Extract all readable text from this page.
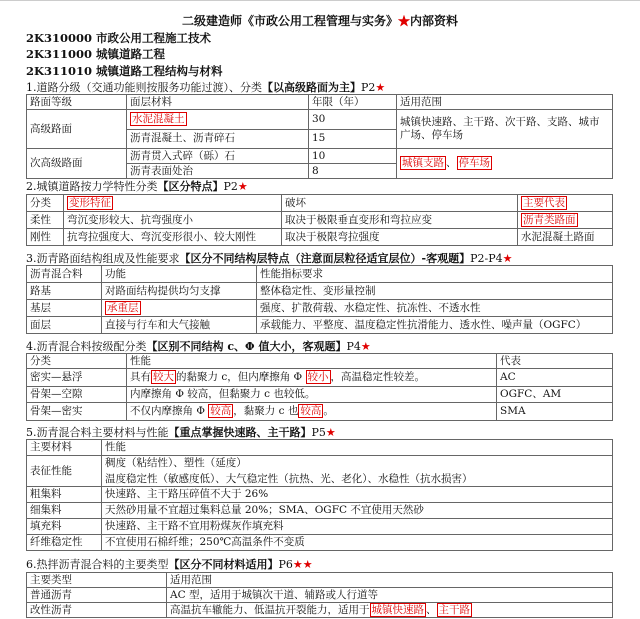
二级建造师《市政公用工程管理与实务》★内部资料
2K310000 市政公用工程施工技术
2K311000 城镇道路工程
2K311010 城镇道路工程结构与材料
1.道路分级（交通功能则按服务功能过渡）、分类【以高级路面为主】P2★
路面等级	面层材料	年限（年）	适用范围
高级路面	水泥混凝土	30	城镇快速路、主干路、次干路、支路、城市广场、停车场
	沥青混凝土、沥青碎石	15	
次高级路面	沥青贯入式碎（砾）石	10	城镇支路 、 停车场
	沥青表面处治	8	
2.城镇道路按力学特性分类【区分特点】P2★
分类	变形特征	破坏	主要代表
柔性	弯沉变形较大、抗弯强度小	取决于极限垂直变形和弯拉应变	沥青类路面
刚性	抗弯拉强度大、弯沉变形很小、较大刚性	取决于极限弯拉强度	水泥混凝土路面
3.沥青路面结构组成及性能要求【区分不同结构层特点（注意面层粒径适宜层位）-客观题】P2-P4★
沥青混合料	功能	性能指标要求
路基	对路面结构提供均匀支撑	整体稳定性、变形量控制
基层	承重层	强度、扩散荷载、水稳定性、抗冻性、不透水性
面层	直接与行车和大气接触	承载能力、平整度、温度稳定性抗滑能力、透水性、噪声量（OGFC）
4.沥青混合料按级配分类【区别不同结构 c、Φ 值大小，客观题】P4★
分类	性能	代表
密实—悬浮	具有 较大 的黏聚力 c，但内摩擦角 Φ 较小 ，高温稳定性较差。	AC
骨架—空隙	内摩擦角 Φ 较高，但黏聚力 c 也较低。	OGFC、AM
骨架—密实	不仅内摩擦角 Φ 较高 ，黏聚力 c 也 较高 。	SMA
5.沥青混合料主要材料与性能【重点掌握快速路、主干路】P5★
主要材料	性能
表征性能	稠度（粘结性）、塑性（延度）
温度稳定性（敏感度低）、大气稳定性（抗热、光、老化）、水稳性（抗水损害）

粗集料	快速路、主干路压碎值不大于 26%
细集料	天然砂用量不宜超过集料总量 20%；SMA、OGFC 不宜使用天然砂
填充料	快速路、主干路不宜用粉煤灰作填充料
纤维稳定性	不宜使用石棉纤维；250℃高温条件不变质
6.热拌沥青混合料的主要类型【区分不同材料适用】P6★★
主要类型	适用范围
普通沥青	AC 型，适用于城镇次干道、辅路或人行道等
改性沥青	高温抗车辙能力、低温抗开裂能力，适用于 城镇快速路 、 主干路
